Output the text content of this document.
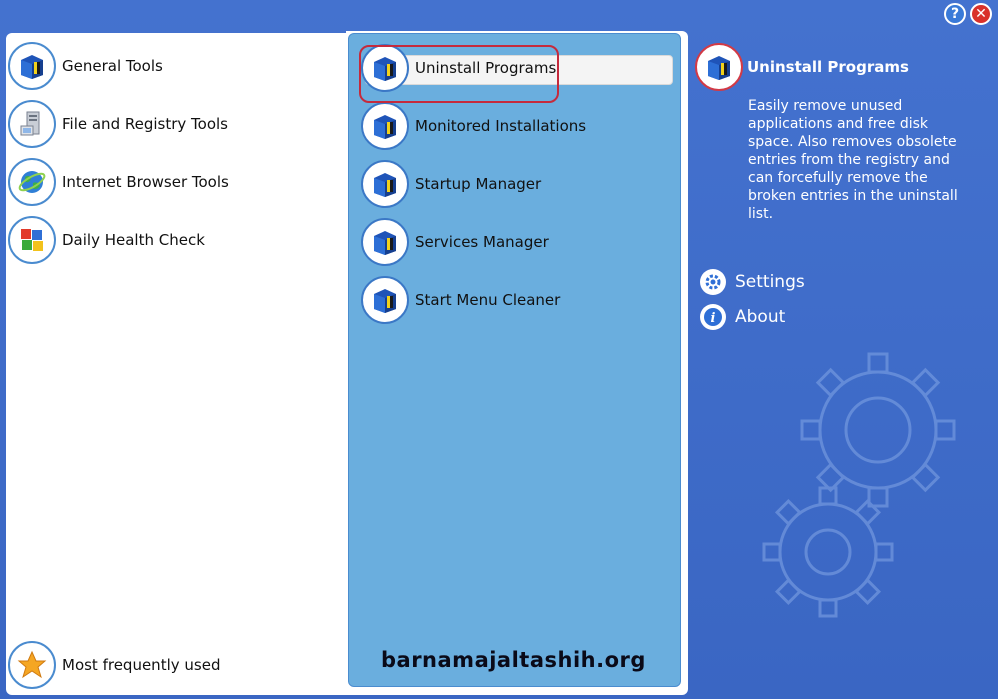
? ✕
General Tools
File and Registry Tools
Internet Browser Tools
Daily Health Check
Most frequently used
Uninstall Programs
Monitored Installations
Startup Manager
Services Manager
Start Menu Cleaner
barnamajaltashih.org
Uninstall Programs
Easily remove unused applications and free disk space. Also removes obsolete entries from the registry and can forcefully remove the broken entries in the uninstall list.
Settings
i About
